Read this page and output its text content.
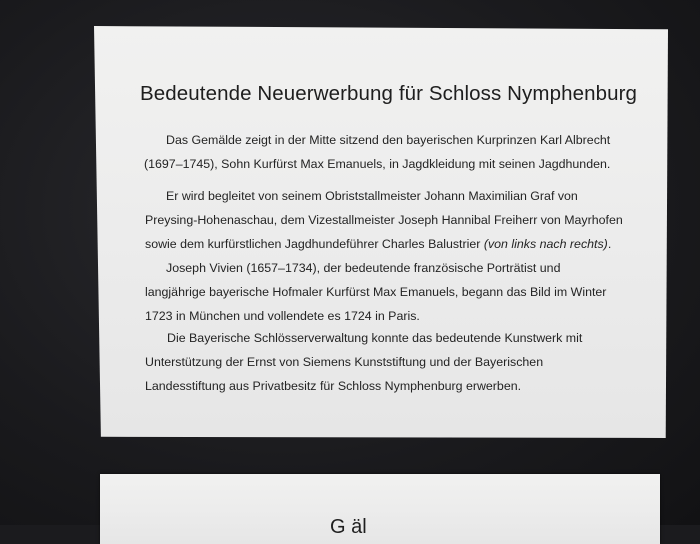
Bedeutende Neuerwerbung für Schloss Nymphenburg
Das Gemälde zeigt in der Mitte sitzend den bayerischen Kurprinzen Karl Albrecht
(1697–1745), Sohn Kurfürst Max Emanuels, in Jagdkleidung mit seinen Jagdhunden.
Er wird begleitet von seinem Obriststallmeister Johann Maximilian Graf von
Preysing-Hohenaschau, dem Vizestallmeister Joseph Hannibal Freiherr von Mayrhofen
sowie dem kurfürstlichen Jagdhundeführer Charles Balustrier (von links nach rechts).
Joseph Vivien (1657–1734), der bedeutende französische Porträtist und
langjährige bayerische Hofmaler Kurfürst Max Emanuels, begann das Bild im Winter
1723 in München und vollendete es 1724 in Paris.
Die Bayerische Schlösserverwaltung konnte das bedeutende Kunstwerk mit
Unterstützung der Ernst von Siemens Kunststiftung und der Bayerischen
Landesstiftung aus Privatbesitz für Schloss Nymphenburg erwerben.
G äl
